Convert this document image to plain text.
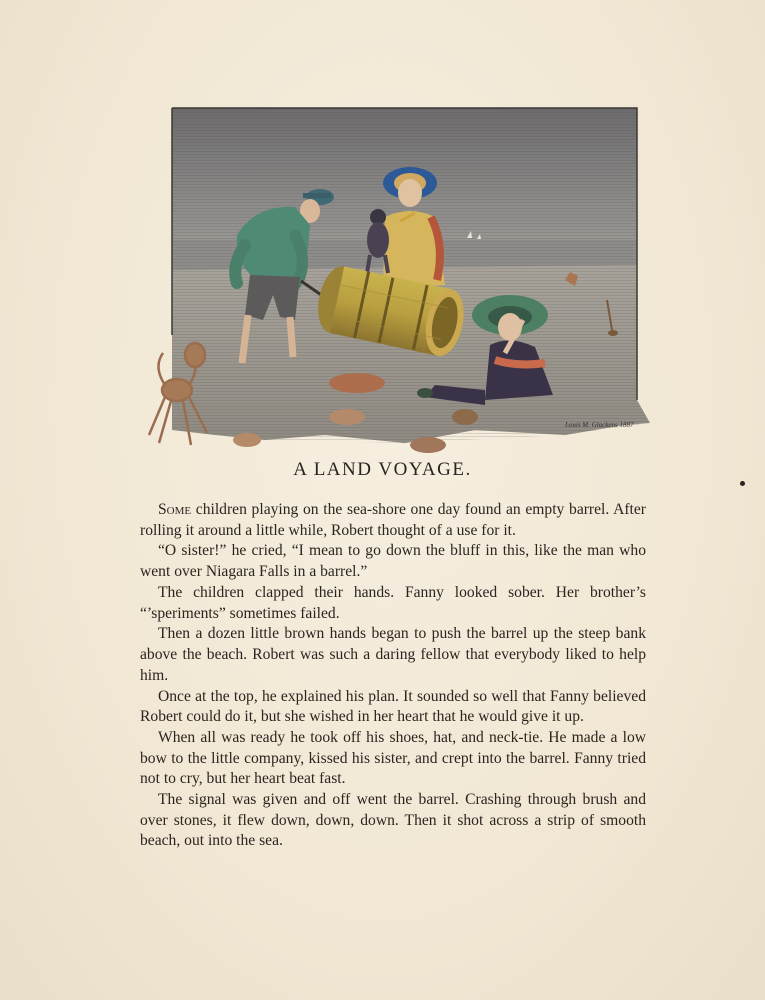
Louis M. Glackens 1887
A LAND VOYAGE.

Some children playing on the sea-shore one day found an empty barrel. After rolling it around a little while, Robert thought of a use for it.

“O sister!” he cried, “I mean to go down the bluff in this, like the man who went over Niagara Falls in a barrel.”

The children clapped their hands. Fanny looked sober. Her brother’s “’speriments” sometimes failed.

Then a dozen little brown hands began to push the barrel up the steep bank above the beach. Robert was such a daring fellow that everybody liked to help him.

Once at the top, he explained his plan. It sounded so well that Fanny believed Robert could do it, but she wished in her heart that he would give it up.

When all was ready he took off his shoes, hat, and neck-tie. He made a low bow to the little company, kissed his sister, and crept into the barrel. Fanny tried not to cry, but her heart beat fast.

The signal was given and off went the barrel. Crashing through brush and over stones, it flew down, down, down. Then it shot across a strip of smooth beach, out into the sea.
